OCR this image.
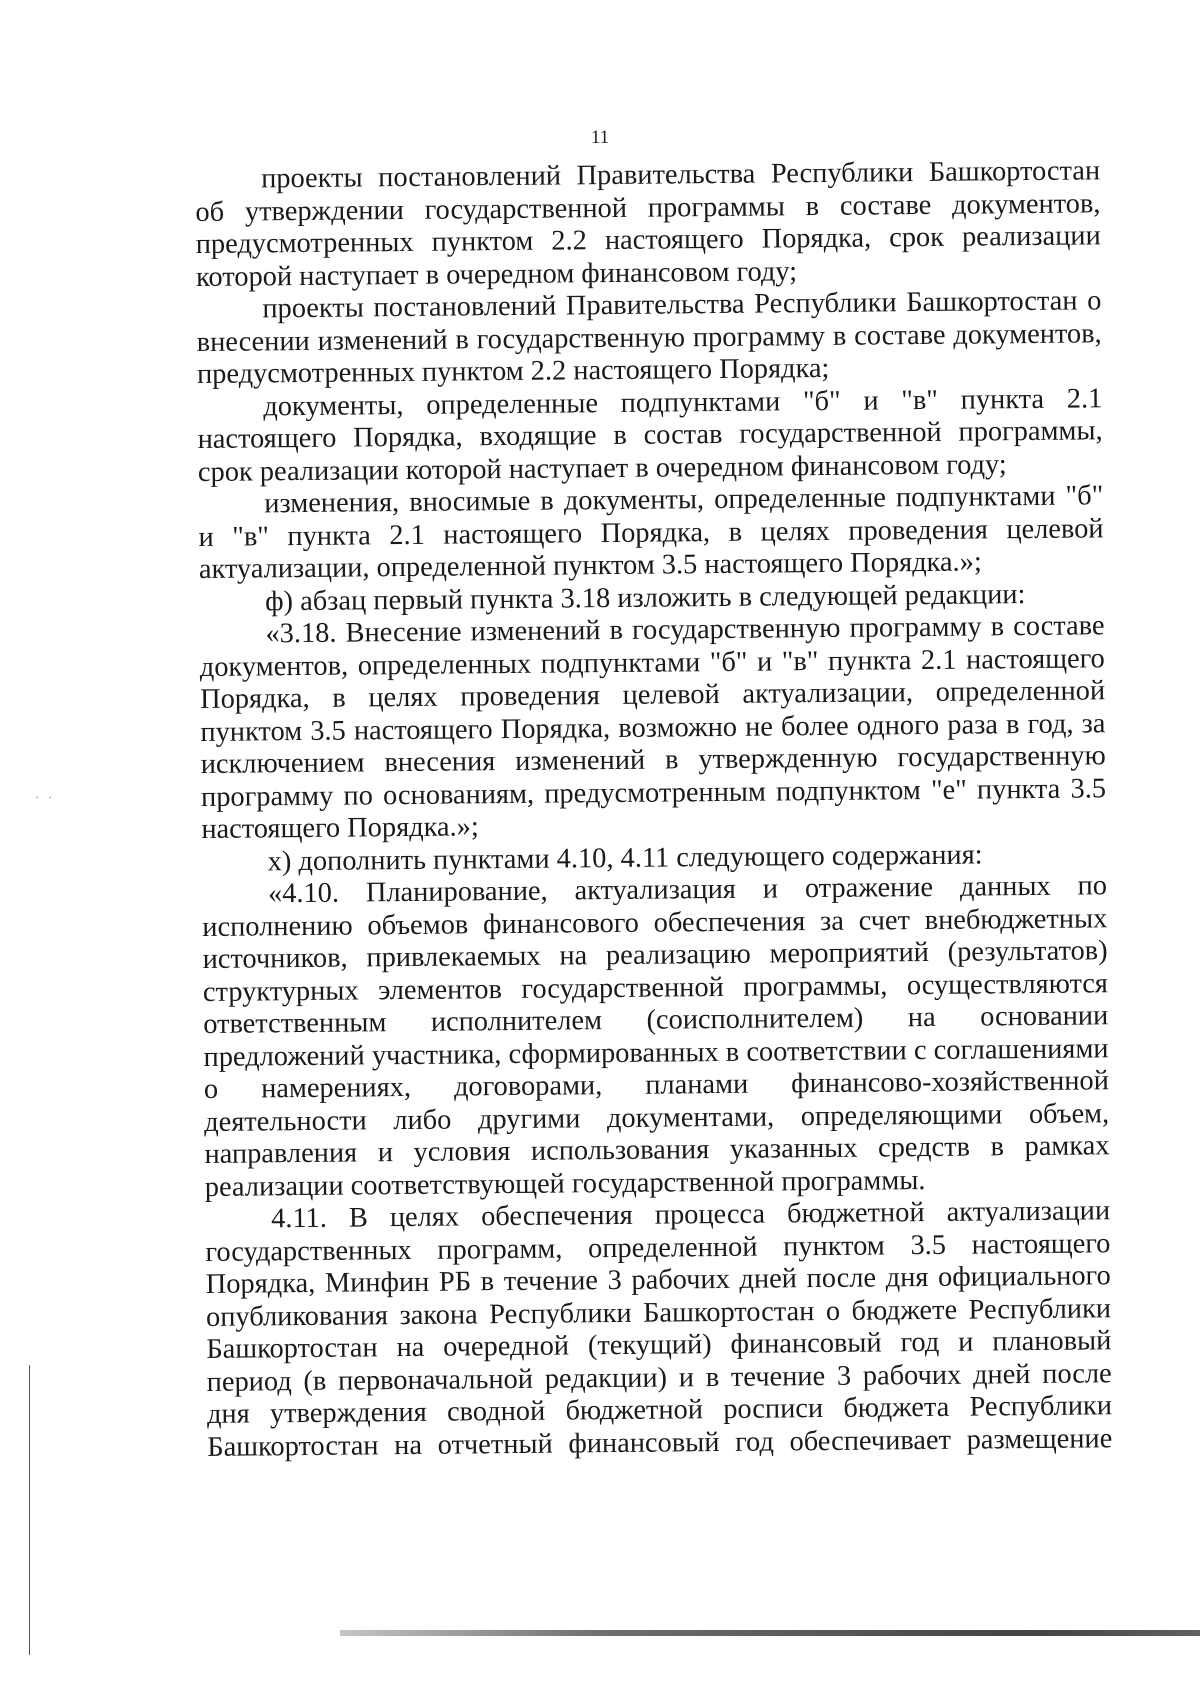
11

проекты постановлений Правительства Республики Башкортостан об утверждении государственной программы в составе документов, предусмотренных пунктом 2.2 настоящего Порядка, срок реализации которой наступает в очередном финансовом году;

проекты постановлений Правительства Республики Башкортостан о внесении изменений в государственную программу в составе документов, предусмотренных пунктом 2.2 настоящего Порядка;

документы, определенные подпунктами "б" и "в" пункта 2.1 настоящего Порядка, входящие в состав государственной программы, срок реализации которой наступает в очередном финансовом году;

изменения, вносимые в документы, определенные подпунктами "б" и "в" пункта 2.1 настоящего Порядка, в целях проведения целевой актуализации, определенной пунктом 3.5 настоящего Порядка.»;

ф) абзац первый пункта 3.18 изложить в следующей редакции:

«3.18. Внесение изменений в государственную программу в составе документов, определенных подпунктами "б" и "в" пункта 2.1 настоящего Порядка, в целях проведения целевой актуализации, определенной пунктом 3.5 настоящего Порядка, возможно не более одного раза в год, за исключением внесения изменений в утвержденную государственную программу по основаниям, предусмотренным подпунктом "е" пункта 3.5 настоящего Порядка.»;

х) дополнить пунктами 4.10, 4.11 следующего содержания:

«4.10. Планирование, актуализация и отражение данных по исполнению объемов финансового обеспечения за счет внебюджетных источников, привлекаемых на реализацию мероприятий (результатов) структурных элементов государственной программы, осуществляются ответственным исполнителем (соисполнителем) на основании предложений участника, сформированных в соответствии с соглашениями о намерениях, договорами, планами финансово-хозяйственной деятельности либо другими документами, определяющими объем, направления и условия использования указанных средств в рамках реализации соответствующей государственной программы.

4.11. В целях обеспечения процесса бюджетной актуализации государственных программ, определенной пунктом 3.5 настоящего Порядка, Минфин РБ в течение 3 рабочих дней после дня официального опубликования закона Республики Башкортостан о бюджете Республики Башкортостан на очередной (текущий) финансовый год и плановый период (в первоначальной редакции) и в течение 3 рабочих дней после дня утверждения сводной бюджетной росписи бюджета Республики Башкортостан на отчетный финансовый год обеспечивает размещение

· ·
